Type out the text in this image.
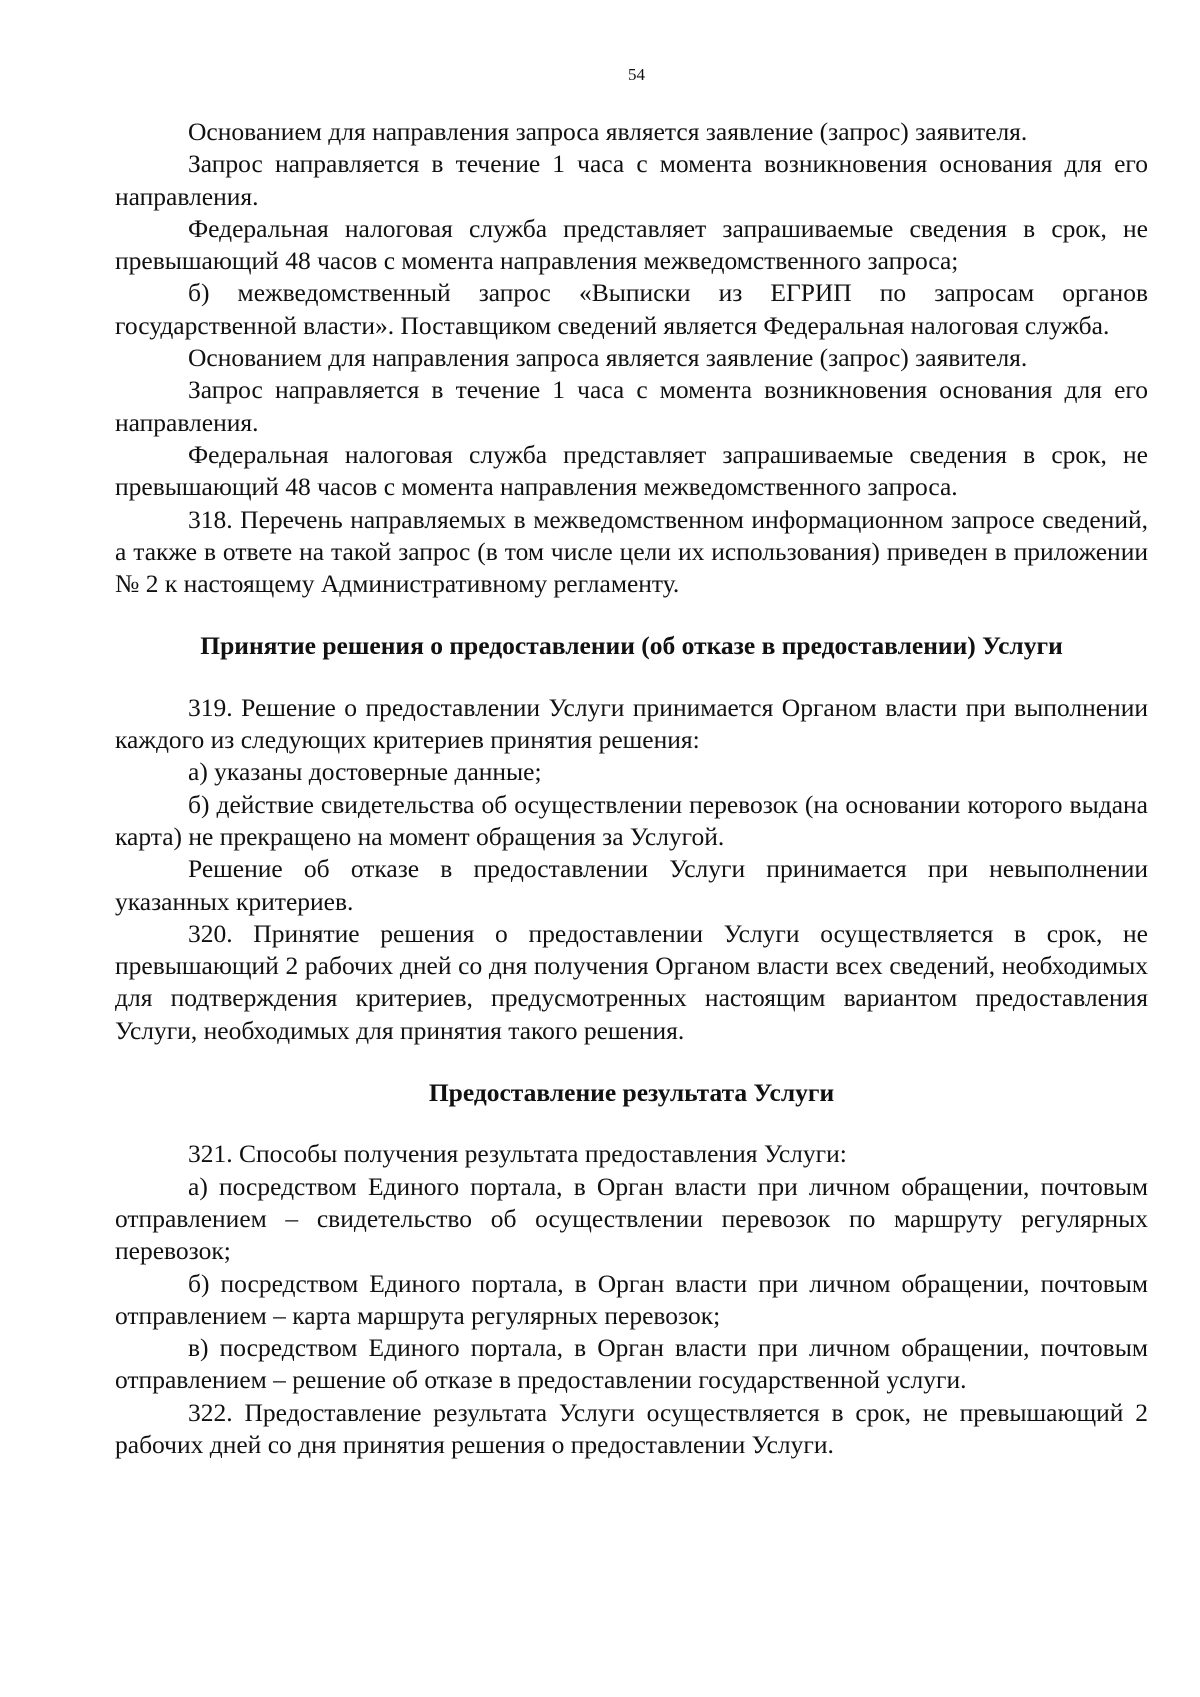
54

Основанием для направления запроса является заявление (запрос) заявителя.

Запрос направляется в течение 1 часа с момента возникновения основания для его направления.

Федеральная налоговая служба представляет запрашиваемые сведения в срок, не превышающий 48 часов с момента направления межведомственного запроса;

б) межведомственный запрос «Выписки из ЕГРИП по запросам органов государственной власти». Поставщиком сведений является Федеральная налоговая служба.

Основанием для направления запроса является заявление (запрос) заявителя.

Запрос направляется в течение 1 часа с момента возникновения основания для его направления.

Федеральная налоговая служба представляет запрашиваемые сведения в срок, не превышающий 48 часов с момента направления межведомственного запроса.

318. Перечень направляемых в межведомственном информационном запросе сведений, а также в ответе на такой запрос (в том числе цели их использования) приведен в приложении № 2 к настоящему Административному регламенту.

Принятие решения о предоставлении (об отказе в предоставлении) Услуги

319. Решение о предоставлении Услуги принимается Органом власти при выполнении каждого из следующих критериев принятия решения:

а) указаны достоверные данные;

б) действие свидетельства об осуществлении перевозок (на основании которого выдана карта) не прекращено на момент обращения за Услугой.

Решение об отказе в предоставлении Услуги принимается при невыполнении указанных критериев.

320. Принятие решения о предоставлении Услуги осуществляется в срок, не превышающий 2 рабочих дней со дня получения Органом власти всех сведений, необходимых для подтверждения критериев, предусмотренных настоящим вариантом предоставления Услуги, необходимых для принятия такого решения.

Предоставление результата Услуги

321. Способы получения результата предоставления Услуги:

а) посредством Единого портала, в Орган власти при личном обращении, почтовым отправлением – свидетельство об осуществлении перевозок по маршруту регулярных перевозок;

б) посредством Единого портала, в Орган власти при личном обращении, почтовым отправлением – карта маршрута регулярных перевозок;

в) посредством Единого портала, в Орган власти при личном обращении, почтовым отправлением – решение об отказе в предоставлении государственной услуги.

322. Предоставление результата Услуги осуществляется в срок, не превышающий 2 рабочих дней со дня принятия решения о предоставлении Услуги.
